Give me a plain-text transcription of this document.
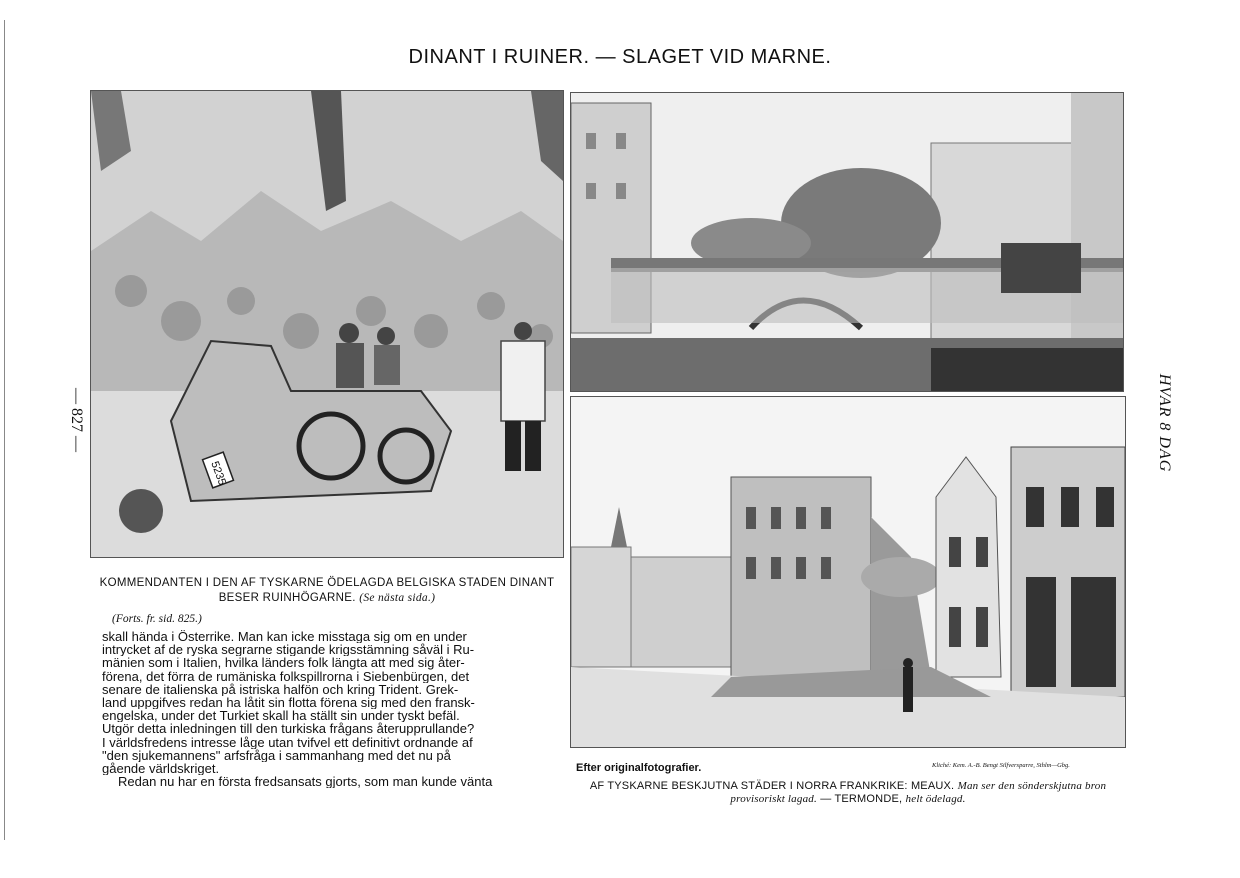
DINANT I RUINER. — SLAGET VID MARNE.
— 827 —	HVAR 8 DAG
5235
KOMMENDANTEN I DEN AF TYSKARNE ÖDELAGDA BELGISKA STADEN DINANT BESER RUINHÖGARNE. (Se nästa sida.)
(Forts. fr. sid. 825.)
skall hända i Österrike. Man kan icke misstaga sig om en under
intrycket af de ryska segrarne stigande krigsstämning såväl i Ru-
mänien som i Italien, hvilka länders folk längta att med sig åter-
förena, det förra de rumäniska folkspillrorna i Siebenbürgen, det
senare de italienska på istriska halfön och kring Trident. Grek-
land uppgifves redan ha låtit sin flotta förena sig med den fransk-
engelska, under det Turkiet skall ha ställt sin under tyskt befäl.
Utgör detta inledningen till den turkiska frågans återupprullande?
I världsfredens intresse låge utan tvifvel ett definitivt ordnande af
"den sjukemannens" arfsfråga i sammanhang med det nu på
gående världskriget.
Redan nu har en första fredsansats gjorts, som man kunde vänta
Efter originalfotografier.	Kliché: Kem. A.-B. Bengt Silfversparre, Sthlm—Gbg.
AF TYSKARNE BESKJUTNA STÄDER I NORRA FRANKRIKE: MEAUX. Man ser den sönderskjutna bron provisoriskt lagad. — TERMONDE, helt ödelagd.
